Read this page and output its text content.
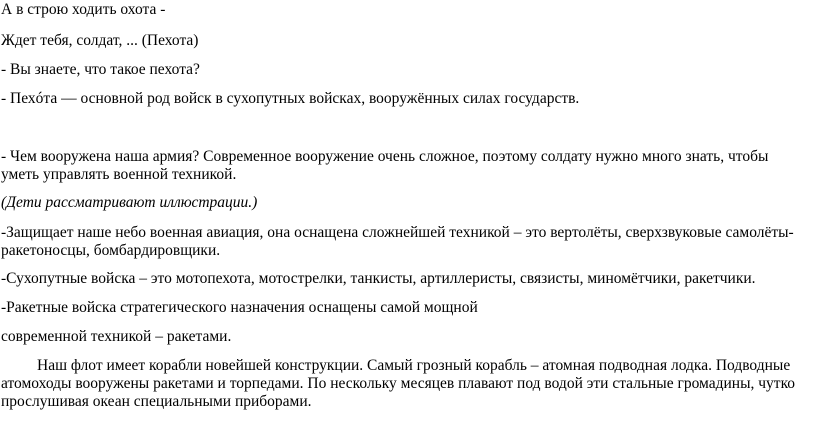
А в строю ходить охота -
Ждет тебя, солдат, ... (Пехота)
- Вы знаете, что такое пехота?
- Пехóта — основной род войск в сухопутных войсках, вооружённых силах государств.
- Чем вооружена наша армия? Современное вооружение очень сложное, поэтому солдату нужно много знать, чтобы
уметь управлять военной техникой.
(Дети рассматривают иллюстрации.)
-Защищает наше небо военная авиация, она оснащена сложнейшей техникой – это вертолёты, сверхзвуковые самолёты-
ракетоносцы, бомбардировщики.
-Сухопутные войска – это мотопехота, мотострелки, танкисты, артиллеристы, связисты, миномётчики, ракетчики.
-Ракетные войска стратегического назначения оснащены самой мощной
современной техникой – ракетами.
Наш флот имеет корабли новейшей конструкции. Самый грозный корабль – атомная подводная лодка. Подводные
атомоходы вооружены ракетами и торпедами. По нескольку месяцев плавают под водой эти стальные громадины, чутко
прослушивая океан специальными приборами.
